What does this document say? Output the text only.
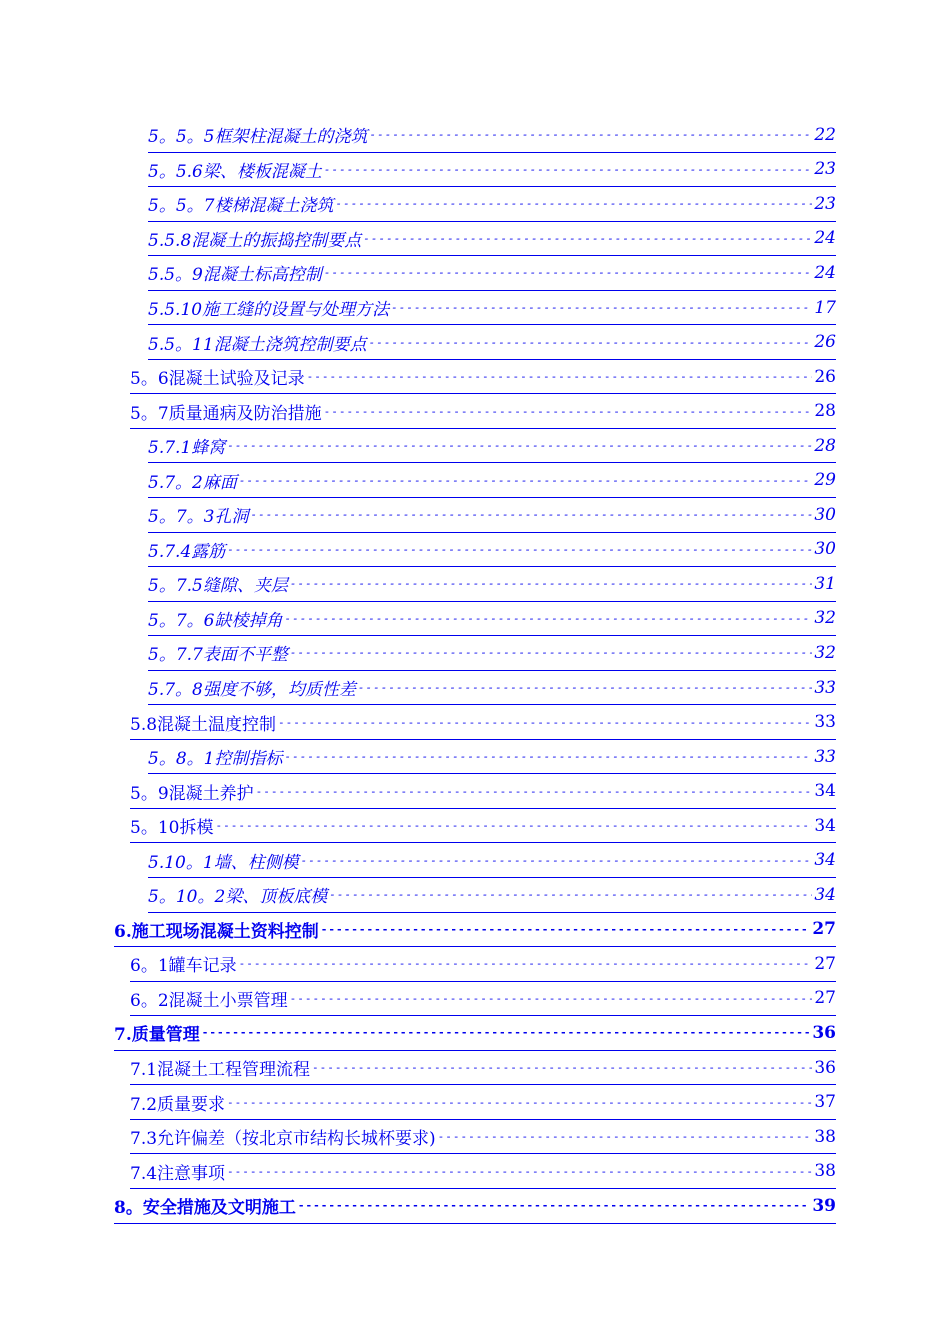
5。5。5框架柱混凝土的浇筑 -----	22
5。5.6梁、楼板混凝土 -----	23
5。5。7楼梯混凝土浇筑 -----	23
5.5.8混凝土的振捣控制要点 -----	24
5.5。9混凝土标高控制 -----	24
5.5.10施工缝的设置与处理方法 -----	17
5.5。11混凝土浇筑控制要点 -----	26
5。6混凝土试验及记录 -----	26
5。7质量通病及防治措施 -----	28
5.7.1蜂窝 -----	28
5.7。2麻面 -----	29
5。7。3孔洞 -----	30
5.7.4露筋 -----	30
5。7.5缝隙、夹层 -----	31
5。7。6缺棱掉角 -----	32
5。7.7表面不平整 -----	32
5.7。8强度不够，均质性差 -----	33
5.8混凝土温度控制 -----	33
5。8。1控制指标 -----	33
5。9混凝土养护 -----	34
5。10拆模 -----	34
5.10。1墙、柱侧模 -----	34
5。10。2梁、顶板底模 -----	34
6.施工现场混凝土资料控制 -----	27
6。1罐车记录 -----	27
6。2混凝土小票管理 -----	27
7.质量管理 -----	36
7.1混凝土工程管理流程 -----	36
7.2质量要求 -----	37
7.3允许偏差（按北京市结构长城杯要求) -----	38
7.4注意事项 -----	38
8。安全措施及文明施工 -----	39
